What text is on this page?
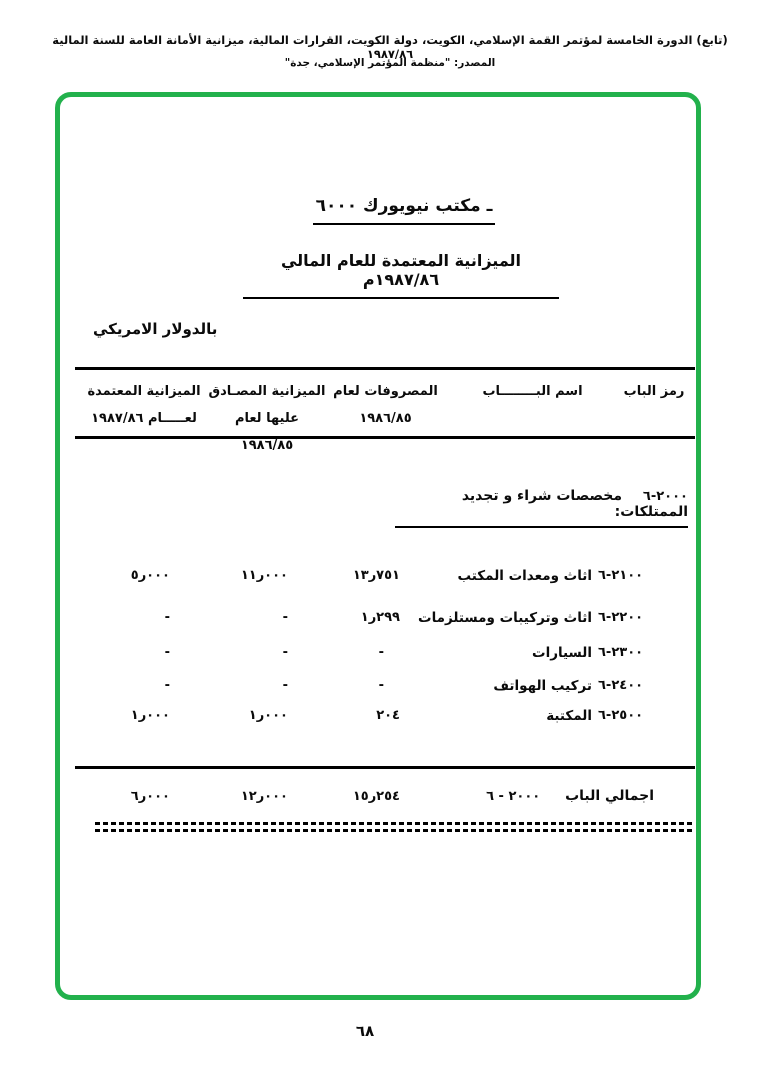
(تابع) الدورة الخامسة لمؤتمر القمة الإسلامي، الكويت، دولة الكويت، القرارات المالية، ميزانية الأمانة العامة للسنة المالية ١٩٨٧/٨٦
المصدر: "منظمة المؤتمر الإسلامي، جدة"
٦٠٠٠	ـ مكتب نيويورك
الميزانية المعتمدة للعام المالي ١٩٨٧/٨٦م
بالدولار الامريكي
رمز الباب
اسم البــــــــاب
المصروفات لعام
١٩٨٦/٨٥
الميزانية المصـادق
عليها لعام ١٩٨٦/٨٥
الميزانية المعتمدة
لعـــــام ١٩٨٧/٨٦
٦-٢٠٠٠ مخصصات شراء و تجديد الممتلكات:
٦-٢١٠٠
اثاث ومعدات المكتب
١٣ر٧٥١
١١ر٠٠٠
٥ر٠٠٠
٦-٢٢٠٠
اثاث وتركيبات ومستلزمات
١ر٢٩٩
-
-
٦-٢٣٠٠
السيارات
-
-
-
٦-٢٤٠٠
تركيب الهواتف
-
-
-
٦-٢٥٠٠
المكتبة
٢٠٤
١ر٠٠٠
١ر٠٠٠
اجمالي الباب ٦ - ٢٠٠٠
١٥ر٢٥٤
١٢ر٠٠٠
٦ر٠٠٠
٦٨
